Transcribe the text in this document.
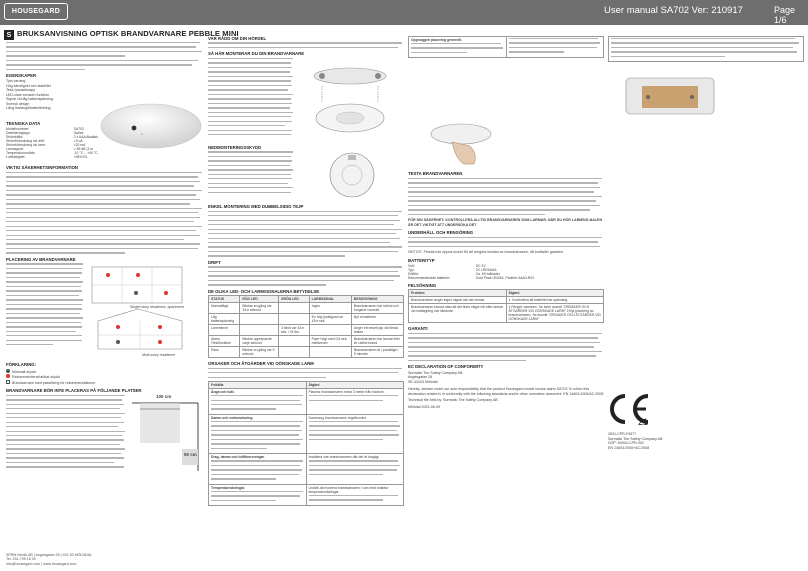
HOUSEGARD	User manual SA702 Ver: 210917	Page 1/6
S BRUKSANVISNING OPTISK BRANDVARNARE PEBBLE MINI
EGENSKAPER
Tyst varning
Hög känslighet och stabilitet
Testi-/pauseknapp
LED-visar sensorn funktion
Signal vid låg batterispänning
Svensk design
Lång livslängd/batteritidning
TEKNISKA DATA
Modellnummer:	SA702
Detekteringstyp:	Optisk
Strömkälla:	2 x AAA Alkalisk
Strömförbrukning vid drift:	<3 uA
Strömförbrukning vid larm:	<20 mA
Larmsignal:	> 85 dB (3 m
Temperaturområde:	-10 °C – +40 °C
Luftfuktighet:	<95% RL
VIKTIG SÄKERHETSINFORMATION
PLACERING AV BRANDVARNARE
Single-story residence, apartment
Multi-story residence
FÖRKLARING:
Minimalt skydd
Rekommenderat/utökat skydd
Brandvarnare med passföring för rekommendationer
BRANDVARNARE BÖR INTE PLACERAS PÅ FÖLJANDE PLATSER
100 cm
50 cm
VAR RÅDD OM DIN HÖRSEL
SÅ HÄR MONTERAR DU DIN BRANDVARNARE
NEDMONTERINGSSKYDD
ENKEL MONTERING MED DUBBELSIDIG TEJP
DRIFT
DE OLIKA LED- OCH LARMSIGNALERNA BETYDELSE
STATUS	RÖD LED	GRÖN LED	LARMSIGNAL	BESKRIVNING
Normalläge	Blinkar en gång var 34:e sekund		Ingen	Brandvarnaren har strömi och fungerar normalt.
Låg batterispänning			En hög ljudsignal var 43:e sek	Byt ut batterier
Larmminne		3 blink var 43:e sek. i 24 tim		Anger ett enkelt pip vid första testen
Alarm /Test/funktion	Blinkar upprepande varje sekund		Piper högt med 0,5 sek. mellanrum	Brandvarnaren har larmat eller är i aktivt brand
Paus	Blinkar en gång var 9 sekund			Brandvarnaren är i pausläge i 9 minuter
ORSAKER OCH ÅTGÄRDER VID OÖNSKADE LARM
Felkälla	Åtgärd
Ånga och fukt.	Placera brandvarnaren minst 3 meter från badrum.

Damm och nedsmutsning.	Dammsug brandvarnaren regelbundet.

Drag, damm och luftföroreningar.	Installera inte brandvarnaren där det är dragigt.

Temperaturväxlingar.	Undvik att montera brandvarnaren i rum med snabba temperaturväxlingar.
Oppnoggen placering generellt.

TESTA BRANDVARNAREN

FÖR DIN SÄKERHET: KONTROLLERA ALLTID BRANDVARNAREN SOM LARMAR. NÄR DU HÖR LARMSIG-NALEN ÄR DET VIKTIGT ATT UNDERSÖKA DET

UNDERHÅLL OCH RENGÖRING

VIKTIGT: Försök inte öppna locket för att rengöra insidan av brandvarnaren, då bortfaller garantin.

BATTERITYP
Volt:	DC 3V
Typ:	2X LR03/AAA
Drifttid:	Ca. 60 månader
Rekommenderade batterier:	Gold Peak GN24A, Panther AAA/LR03
FELSÖKNING
Problem	Åtgärd
Brandvarnaren avger ingen signal när den testas	1. Kontrollera att batteriet har spänning.
Brandvarnaren larmar utan att det finns något rök eller larmar vid matlagning och liknande.	1.Rengör varnaren. Se även avsnitt "ORSAKER OCH ÅTGÄRDER VID OÖNSKADE LARM" 2.Byt placering av brandvarnaren. Se avsnitt "ORSAKER OCH ÅTGÄRDER VID OÖNSKADE LARM"
GARANTI
EC DECLARATION OF CONFORMITY
Surmatic The Safety Company AB
Angesgatan 28
SE-43153 Mölndal

Hereby, declare under our sole responsibility that the product Housegard model smoke alarm SA702 To which this declaration relates is in conformity with the following standards and/or other normative document. EN 14604:2005/AC:2008

Technical file held by: Surmatic The Safety Company AB

Mölndal 2021-06-09

21
2831-CPR-F4577
Surmatic The Safety Company AB
DOP: 60944-CPR-002
EN 14604:2005+AC:2008
SPRM Norde AB | Angesgatan 28 | 431 53 MÖLNDAL
Tel. 031-799 16 00
info@housegard.com | www.housegard.com
